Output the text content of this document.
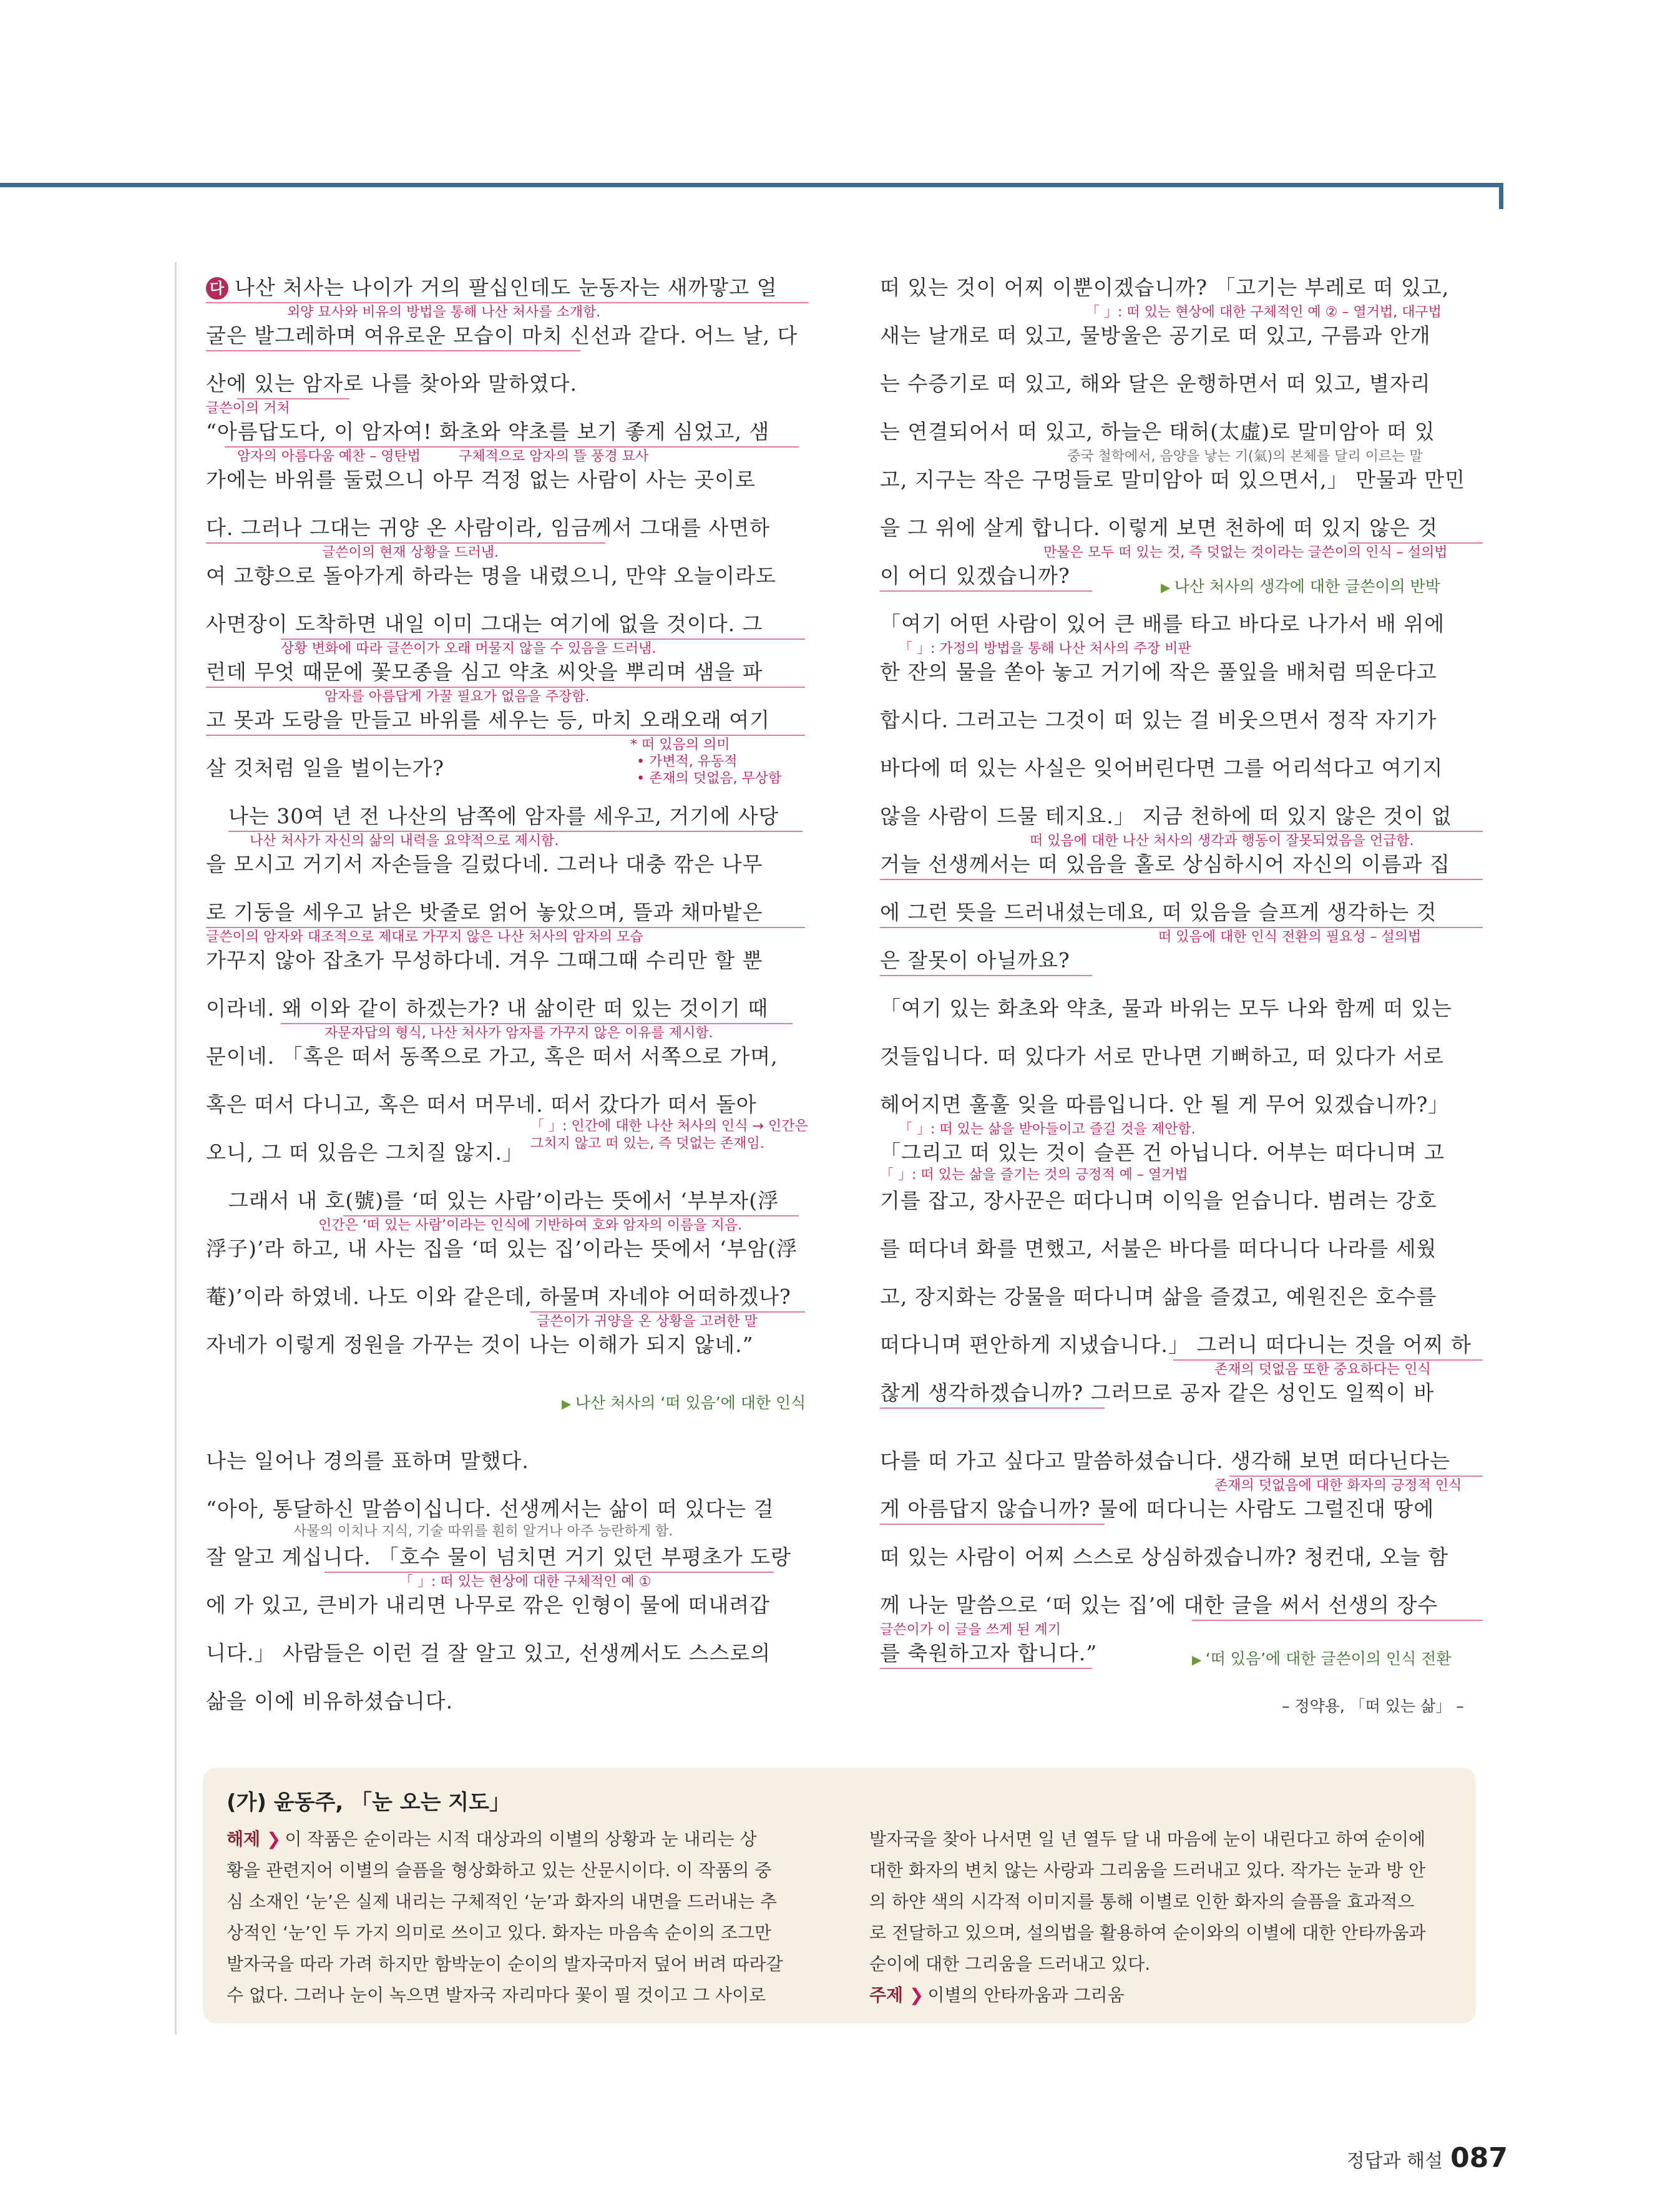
다 나산 처사는 나이가 거의 팔십인데도 눈동자는 새까맣고 얼
굴은 발그레하며 여유로운 모습이 마치 신선과 같다. 어느 날, 다
산에 있는 암자로 나를 찾아와 말하였다.
“아름답도다, 이 암자여! 화초와 약초를 보기 좋게 심었고, 샘
가에는 바위를 둘렀으니 아무 걱정 없는 사람이 사는 곳이로
다. 그러나 그대는 귀양 온 사람이라, 임금께서 그대를 사면하
여 고향으로 돌아가게 하라는 명을 내렸으니, 만약 오늘이라도
사면장이 도착하면 내일 이미 그대는 여기에 없을 것이다. 그
런데 무엇 때문에 꽃모종을 심고 약초 씨앗을 뿌리며 샘을 파
고 못과 도랑을 만들고 바위를 세우는 등, 마치 오래오래 여기
살 것처럼 일을 벌이는가?
나는 30여 년 전 나산의 남쪽에 암자를 세우고, 거기에 사당
을 모시고 거기서 자손들을 길렀다네. 그러나 대충 깎은 나무
로 기둥을 세우고 낡은 밧줄로 얽어 놓았으며, 뜰과 채마밭은
가꾸지 않아 잡초가 무성하다네. 겨우 그때그때 수리만 할 뿐
이라네. 왜 이와 같이 하겠는가? 내 삶이란 떠 있는 것이기 때
문이네. 「혹은 떠서 동쪽으로 가고, 혹은 떠서 서쪽으로 가며,
혹은 떠서 다니고, 혹은 떠서 머무네. 떠서 갔다가 떠서 돌아
오니, 그 떠 있음은 그치질 않지.」
그래서 내 호(號)를 ‘떠 있는 사람’이라는 뜻에서 ‘부부자(浮
浮子)’라 하고, 내 사는 집을 ‘떠 있는 집’이라는 뜻에서 ‘부암(浮
菴)’이라 하였네. 나도 이와 같은데, 하물며 자네야 어떠하겠나?
자네가 이렇게 정원을 가꾸는 것이 나는 이해가 되지 않네.”
나는 일어나 경의를 표하며 말했다.
“아아, 통달하신 말씀이십니다. 선생께서는 삶이 떠 있다는 걸
잘 알고 계십니다. 「호수 물이 넘치면 거기 있던 부평초가 도랑
에 가 있고, 큰비가 내리면 나무로 깎은 인형이 물에 떠내려갑
니다.」 사람들은 이런 걸 잘 알고 있고, 선생께서도 스스로의
삶을 이에 비유하셨습니다.
외양 묘사와 비유의 방법을 통해 나산 처사를 소개함.
글쓴이의 거처
암자의 아름다움 예찬 – 영탄법	구체적으로 암자의 뜰 풍경 묘사
글쓴이의 현재 상황을 드러냄.
상황 변화에 따라 글쓴이가 오래 머물지 않을 수 있음을 드러냄.
암자를 아름답게 가꿀 필요가 없음을 주장함.
* 떠 있음의 의미
• 가변적, 유동적
• 존재의 덧없음, 무상함
나산 처사가 자신의 삶의 내력을 요약적으로 제시함.
글쓴이의 암자와 대조적으로 제대로 가꾸지 않은 나산 처사의 암자의 모습
자문자답의 형식, 나산 처사가 암자를 가꾸지 않은 이유를 제시함.
「 」: 인간에 대한 나산 처사의 인식 → 인간은
그치지 않고 떠 있는, 즉 덧없는 존재임.
인간은 ‘떠 있는 사람’이라는 인식에 기반하여 호와 암자의 이름을 지음.
글쓴이가 귀양을 온 상황을 고려한 말
사물의 이치나 지식, 기술 따위를 훤히 알거나 아주 능란하게 함.
「 」: 떠 있는 현상에 대한 구체적인 예 ①
▶ 나산 처사의 ‘떠 있음’에 대한 인식
떠 있는 것이 어찌 이뿐이겠습니까? 「고기는 부레로 떠 있고,
새는 날개로 떠 있고, 물방울은 공기로 떠 있고, 구름과 안개
는 수증기로 떠 있고, 해와 달은 운행하면서 떠 있고, 별자리
는 연결되어서 떠 있고, 하늘은 태허(太虛)로 말미암아 떠 있
고, 지구는 작은 구멍들로 말미암아 떠 있으면서,」 만물과 만민
을 그 위에 살게 합니다. 이렇게 보면 천하에 떠 있지 않은 것
이 어디 있겠습니까?
「여기 어떤 사람이 있어 큰 배를 타고 바다로 나가서 배 위에
한 잔의 물을 쏟아 놓고 거기에 작은 풀잎을 배처럼 띄운다고
합시다. 그러고는 그것이 떠 있는 걸 비웃으면서 정작 자기가
바다에 떠 있는 사실은 잊어버린다면 그를 어리석다고 여기지
않을 사람이 드물 테지요.」 지금 천하에 떠 있지 않은 것이 없
거늘 선생께서는 떠 있음을 홀로 상심하시어 자신의 이름과 집
에 그런 뜻을 드러내셨는데요, 떠 있음을 슬프게 생각하는 것
은 잘못이 아닐까요?
「여기 있는 화초와 약초, 물과 바위는 모두 나와 함께 떠 있는
것들입니다. 떠 있다가 서로 만나면 기뻐하고, 떠 있다가 서로
헤어지면 훌훌 잊을 따름입니다. 안 될 게 무어 있겠습니까?」
「그리고 떠 있는 것이 슬픈 건 아닙니다. 어부는 떠다니며 고
기를 잡고, 장사꾼은 떠다니며 이익을 얻습니다. 범려는 강호
를 떠다녀 화를 면했고, 서불은 바다를 떠다니다 나라를 세웠
고, 장지화는 강물을 떠다니며 삶을 즐겼고, 예원진은 호수를
떠다니며 편안하게 지냈습니다.」 그러니 떠다니는 것을 어찌 하
찮게 생각하겠습니까? 그러므로 공자 같은 성인도 일찍이 바
다를 떠 가고 싶다고 말씀하셨습니다. 생각해 보면 떠다닌다는
게 아름답지 않습니까? 물에 떠다니는 사람도 그럴진대 땅에
떠 있는 사람이 어찌 스스로 상심하겠습니까? 청컨대, 오늘 함
께 나눈 말씀으로 ‘떠 있는 집’에 대한 글을 써서 선생의 장수
를 축원하고자 합니다.”
「 」: 떠 있는 현상에 대한 구체적인 예 ② – 열거법, 대구법
중국 철학에서, 음양을 낳는 기(氣)의 본체를 달리 이르는 말
만물은 모두 떠 있는 것, 즉 덧없는 것이라는 글쓴이의 인식 – 설의법
「 」: 가정의 방법을 통해 나산 처사의 주장 비판
떠 있음에 대한 나산 처사의 생각과 행동이 잘못되었음을 언급함.
떠 있음에 대한 인식 전환의 필요성 – 설의법
「 」: 떠 있는 삶을 받아들이고 즐길 것을 제안함.
「 」: 떠 있는 삶을 즐기는 것의 긍정적 예 – 열거법
존재의 덧없음 또한 중요하다는 인식
존재의 덧없음에 대한 화자의 긍정적 인식
글쓴이가 이 글을 쓰게 된 계기
▶ 나산 처사의 생각에 대한 글쓴이의 반박
▶ ‘떠 있음’에 대한 글쓴이의 인식 전환
– 정약용, 「떠 있는 삶」 –
(가) 윤동주, 「눈 오는 지도」
해제 ❯ 이 작품은 순이라는 시적 대상과의 이별의 상황과 눈 내리는 상
황을 관련지어 이별의 슬픔을 형상화하고 있는 산문시이다. 이 작품의 중
심 소재인 ‘눈’은 실제 내리는 구체적인 ‘눈’과 화자의 내면을 드러내는 추
상적인 ‘눈’인 두 가지 의미로 쓰이고 있다. 화자는 마음속 순이의 조그만
발자국을 따라 가려 하지만 함박눈이 순이의 발자국마저 덮어 버려 따라갈
수 없다. 그러나 눈이 녹으면 발자국 자리마다 꽃이 필 것이고 그 사이로
발자국을 찾아 나서면 일 년 열두 달 내 마음에 눈이 내린다고 하여 순이에
대한 화자의 변치 않는 사랑과 그리움을 드러내고 있다. 작가는 눈과 방 안
의 하얀 색의 시각적 이미지를 통해 이별로 인한 화자의 슬픔을 효과적으
로 전달하고 있으며, 설의법을 활용하여 순이와의 이별에 대한 안타까움과
순이에 대한 그리움을 드러내고 있다.
주제 ❯ 이별의 안타까움과 그리움
정답과 해설 087
